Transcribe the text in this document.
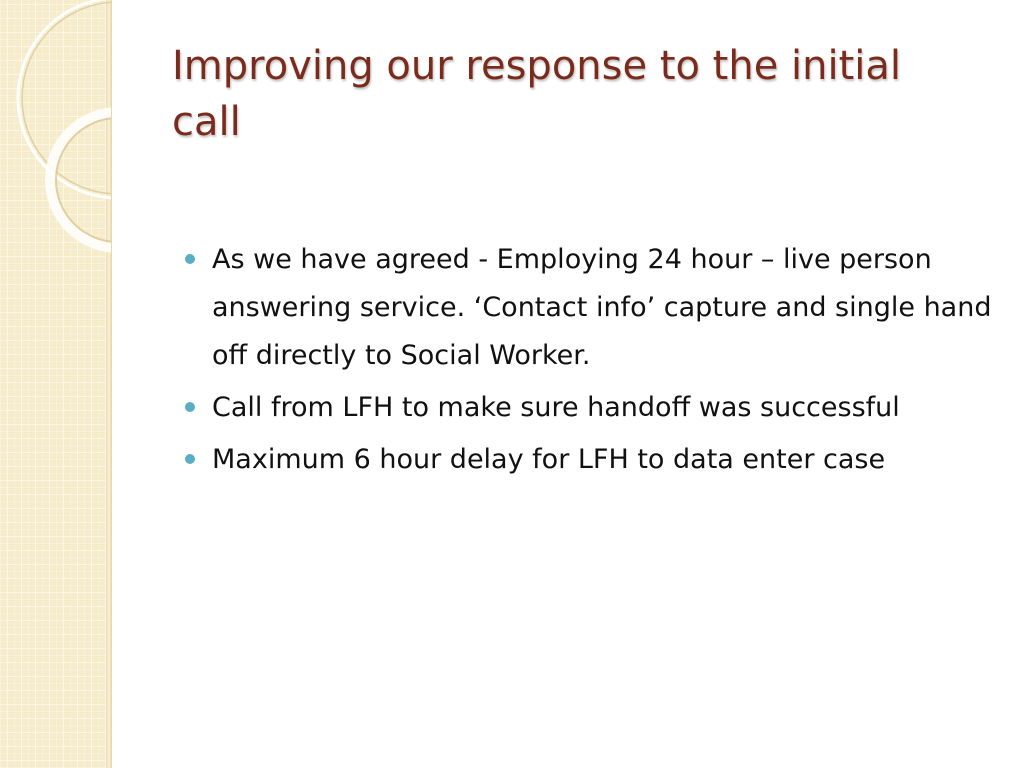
Improving our response to the initial call
As we have agreed - Employing 24 hour – live person answering service. ‘Contact info’ capture and single hand off directly to Social Worker.
Call from LFH to make sure handoff was successful
Maximum 6 hour delay for LFH to data enter case
